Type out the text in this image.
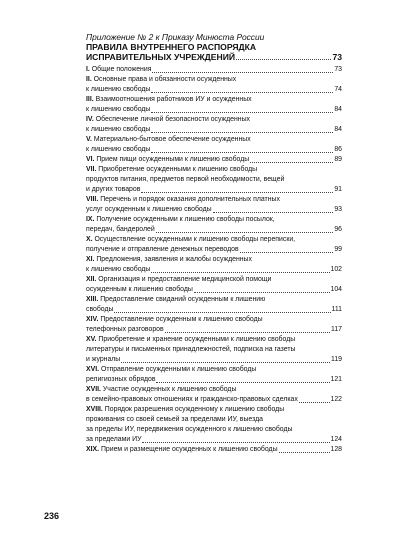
Приложение № 2 к Приказу Минюста России
ПРАВИЛА ВНУТРЕННЕГО РАСПОРЯДКА
ИСПРАВИТЕЛЬНЫХ УЧРЕЖДЕНИЙ	73
I. Общие положения	73
II. Основные права и обязанности осужденных
к лишению свободы	74
III. Взаимоотношения работников ИУ и осужденных
к лишению свободы	84
IV. Обеспечение личной безопасности осужденных
к лишению свободы	84
V. Материально-бытовое обеспечение осужденных
к лишению свободы	86
VI. Прием пищи осужденными к лишению свободы	89
VII. Приобретение осужденными к лишению свободы
продуктов питания, предметов первой необходимости, вещей
и других товаров	91
VIII. Перечень и порядок оказания дополнительных платных
услуг осужденным к лишению свободы	93
IX. Получение осужденными к лишению свободы посылок,
передач, бандеролей	96
X. Осуществление осужденными к лишению свободы переписки,
получение и отправление денежных переводов	99
XI. Предложения, заявления и жалобы осужденных
к лишению свободы	102
XII. Организация и предоставление медицинской помощи
осужденным к лишению свободы	104
XIII. Предоставление свиданий осужденным к лишению
свободы	111
XIV. Предоставление осужденным к лишению свободы
телефонных разговоров	117
XV. Приобретение и хранение осужденными к лишению свободы
литературы и письменных принадлежностей, подписка на газеты
и журналы	119
XVI. Отправление осужденными к лишению свободы
религиозных обрядов	121
XVII. Участие осужденных к лишению свободы
в семейно-правовых отношениях и гражданско-правовых сделках	122
XVIII. Порядок разрешения осужденному к лишению свободы
проживания со своей семьей за пределами ИУ, выезда
за пределы ИУ, передвижения осужденного к лишению свободы
за пределами ИУ	124
XIX. Прием и размещение осужденных к лишению свободы	128
236
